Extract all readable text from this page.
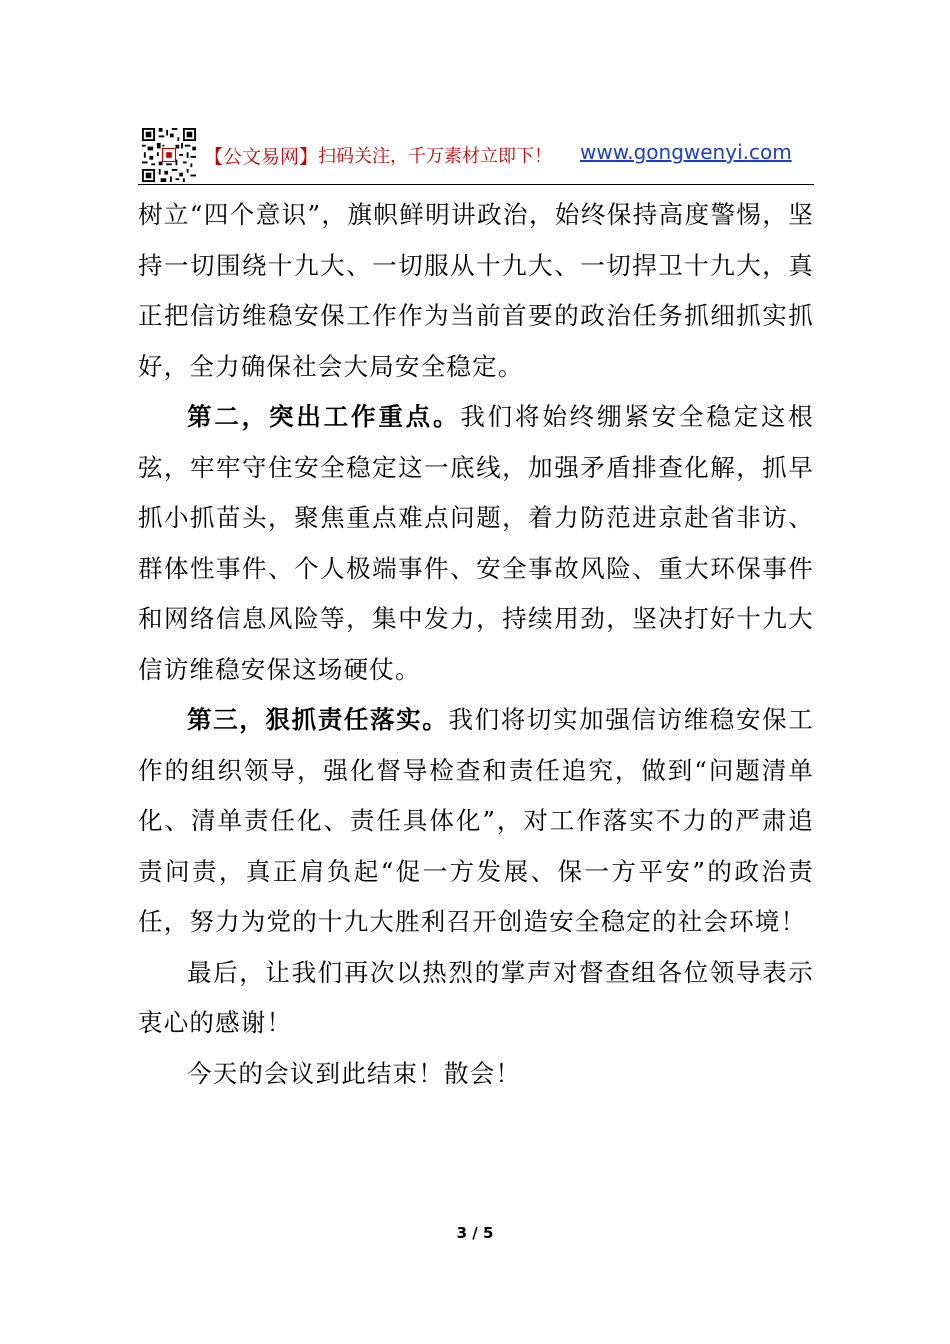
【公文易网】 扫码关注，千万素材立即下！ www.gongwenyi.com

树立“四个意识”，旗帜鲜明讲政治，始终保持高度警惕，坚持一切围绕十九大、一切服从十九大、一切捍卫十九大，真正把信访维稳安保工作作为当前首要的政治任务抓细抓实抓好，全力确保社会大局安全稳定。

第二，突出工作重点。我们将始终绷紧安全稳定这根弦，牢牢守住安全稳定这一底线，加强矛盾排查化解，抓早抓小抓苗头，聚焦重点难点问题，着力防范进京赴省非访、群体性事件、个人极端事件、安全事故风险、重大环保事件和网络信息风险等，集中发力，持续用劲，坚决打好十九大信访维稳安保这场硬仗。

第三，狠抓责任落实。我们将切实加强信访维稳安保工作的组织领导，强化督导检查和责任追究，做到“问题清单化、清单责任化、责任具体化”，对工作落实不力的严肃追责问责，真正肩负起“促一方发展、保一方平安”的政治责任，努力为党的十九大胜利召开创造安全稳定的社会环境！

最后，让我们再次以热烈的掌声对督查组各位领导表示衷心的感谢！

今天的会议到此结束！散会！

3 / 5
